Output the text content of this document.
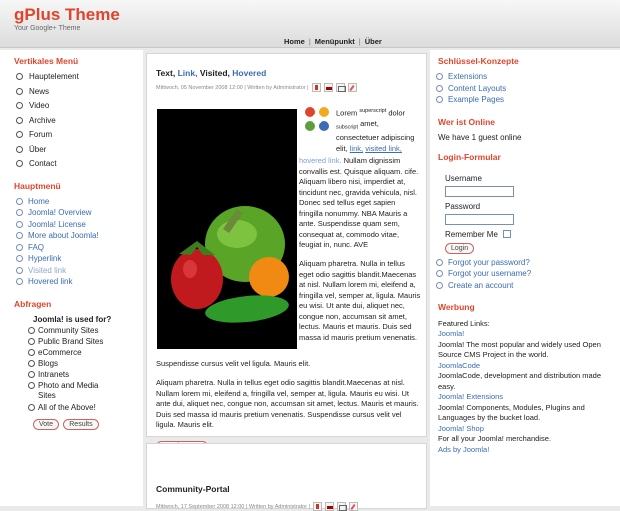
gPlus Theme
Your Google+ Theme
Home | Menüpunkt | Über
Vertikales Menü
Hauptelement
News
Video
Archive
Forum
Über
Contact
Hauptmenü
Home
Joomla! Overview
Joomla! License
More about Joomla!
FAQ
Hyperlink
Visited link
Hovered link
Abfragen
Joomla! is used for?
Community Sites
Public Brand Sites
eCommerce
Blogs
Intranets
Photo and Media Sites
All of the Above!
Vote Results
Text, Link, Visited, Hovered
Mittwoch, 05 November 2008 12:00 | Written by Administrator |
Lorem $^{superscript}$ dolor $_{subscript}$ amet, consectetuer adipiscing elit, link, visited link,
hovered link. Nullam dignissim convallis est. Quisque aliquam. cife. Aliquam libero nisi, imperdiet at, tincidunt nec, gravida vehicula, nisl. Donec sed tellus eget sapien fringilla nonummy. NBA Mauris a ante. Suspendisse quam sem, consequat at, commodo vitae, feugiat in, nunc. AVE
Aliquam pharetra. Nulla in tellus eget odio sagittis blandit.Maecenas at nisl. Nullam lorem mi, eleifend a, fringilla vel, semper at, ligula. Mauris eu wisi. Ut ante dui, aliquet nec, congue non, accumsan sit amet, lectus. Mauris et mauris. Duis sed massa id mauris pretium venenatis.
Suspendisse cursus velit vel ligula. Mauris elit.
Aliquam pharetra. Nulla in tellus eget odio sagittis blandit.Maecenas at nisl. Nullam lorem mi, eleifend a, fringilla vel, semper at, ligula. Mauris eu wisi. Ut ante dui, aliquet nec, congue non, accumsan sit amet, lectus. Mauris et mauris. Duis sed massa id mauris pretium venenatis. Suspendisse cursus velit vel ligula. Mauris elit.
Community-Portal
Mittwoch, 17 September 2008 12:00 | Written by Administrator |
Schlüssel-Konzepte
Extensions
Content Layouts
Example Pages
Wer ist Online
We have 1 guest online
Login-Formular
Username
Password
Remember Me
Login
Forgot your password?
Forgot your username?
Create an account
Werbung
Featured Links:
Joomla!
Joomla! The most popular and widely used Open Source CMS Project in the world.
JoomlaCode
JoomlaCode, development and distribution made easy.
Joomla! Extensions
Joomla! Components, Modules, Plugins and Languages by the bucket load.
Joomla! Shop
For all your Joomla! merchandise.
Ads by Joomla!
